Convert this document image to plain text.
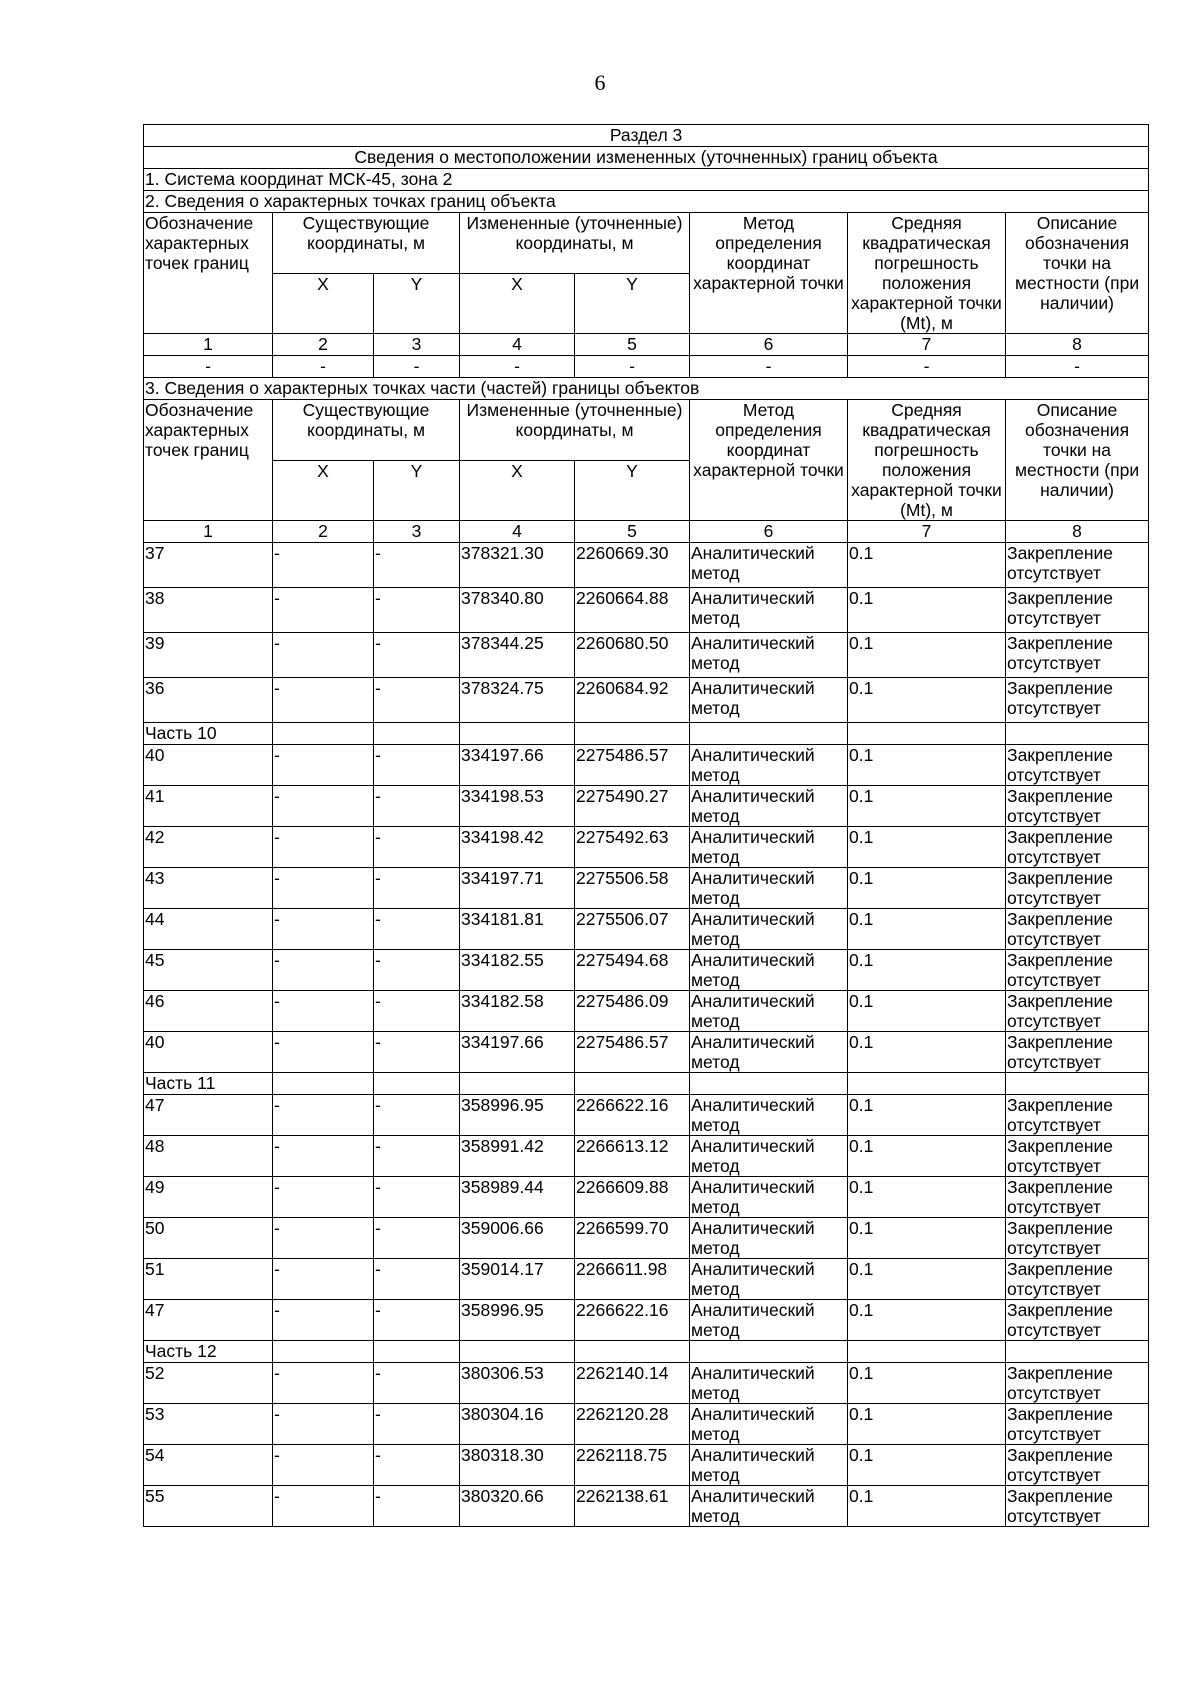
6
Раздел 3							
Сведения о местоположении измененных (уточненных) границ объекта							
1. Система координат МСК-45, зона 2							
2. Сведения о характерных точках границ объекта							
Обозначение характерных точек границ	Существующие координаты, м		Измененные (уточненные) координаты, м		Метод определения координат характерной точки	Средняя квадратическая погрешность положения характерной точки (Mt), м	Описание обозначения точки на местности (при наличии)
	X	Y	X	Y			
1	2	3	4	5	6	7	8
-	-	-	-	-	-	-	-
3. Сведения о характерных точках части (частей) границы объектов							
Обозначение характерных точек границ	Существующие координаты, м		Измененные (уточненные) координаты, м		Метод определения координат характерной точки	Средняя квадратическая погрешность положения характерной точки (Mt), м	Описание обозначения точки на местности (при наличии)
	X	Y	X	Y			
1	2	3	4	5	6	7	8
37	-	-	378321.30	2260669.30	Аналитический метод	0.1	Закрепление отсутствует
38	-	-	378340.80	2260664.88	Аналитический метод	0.1	Закрепление отсутствует
39	-	-	378344.25	2260680.50	Аналитический метод	0.1	Закрепление отсутствует
36	-	-	378324.75	2260684.92	Аналитический метод	0.1	Закрепление отсутствует
Часть 10							
40	-	-	334197.66	2275486.57	Аналитический метод	0.1	Закрепление отсутствует
41	-	-	334198.53	2275490.27	Аналитический метод	0.1	Закрепление отсутствует
42	-	-	334198.42	2275492.63	Аналитический метод	0.1	Закрепление отсутствует
43	-	-	334197.71	2275506.58	Аналитический метод	0.1	Закрепление отсутствует
44	-	-	334181.81	2275506.07	Аналитический метод	0.1	Закрепление отсутствует
45	-	-	334182.55	2275494.68	Аналитический метод	0.1	Закрепление отсутствует
46	-	-	334182.58	2275486.09	Аналитический метод	0.1	Закрепление отсутствует
40	-	-	334197.66	2275486.57	Аналитический метод	0.1	Закрепление отсутствует
Часть 11							
47	-	-	358996.95	2266622.16	Аналитический метод	0.1	Закрепление отсутствует
48	-	-	358991.42	2266613.12	Аналитический метод	0.1	Закрепление отсутствует
49	-	-	358989.44	2266609.88	Аналитический метод	0.1	Закрепление отсутствует
50	-	-	359006.66	2266599.70	Аналитический метод	0.1	Закрепление отсутствует
51	-	-	359014.17	2266611.98	Аналитический метод	0.1	Закрепление отсутствует
47	-	-	358996.95	2266622.16	Аналитический метод	0.1	Закрепление отсутствует
Часть 12							
52	-	-	380306.53	2262140.14	Аналитический метод	0.1	Закрепление отсутствует
53	-	-	380304.16	2262120.28	Аналитический метод	0.1	Закрепление отсутствует
54	-	-	380318.30	2262118.75	Аналитический метод	0.1	Закрепление отсутствует
55	-	-	380320.66	2262138.61	Аналитический метод	0.1	Закрепление отсутствует
